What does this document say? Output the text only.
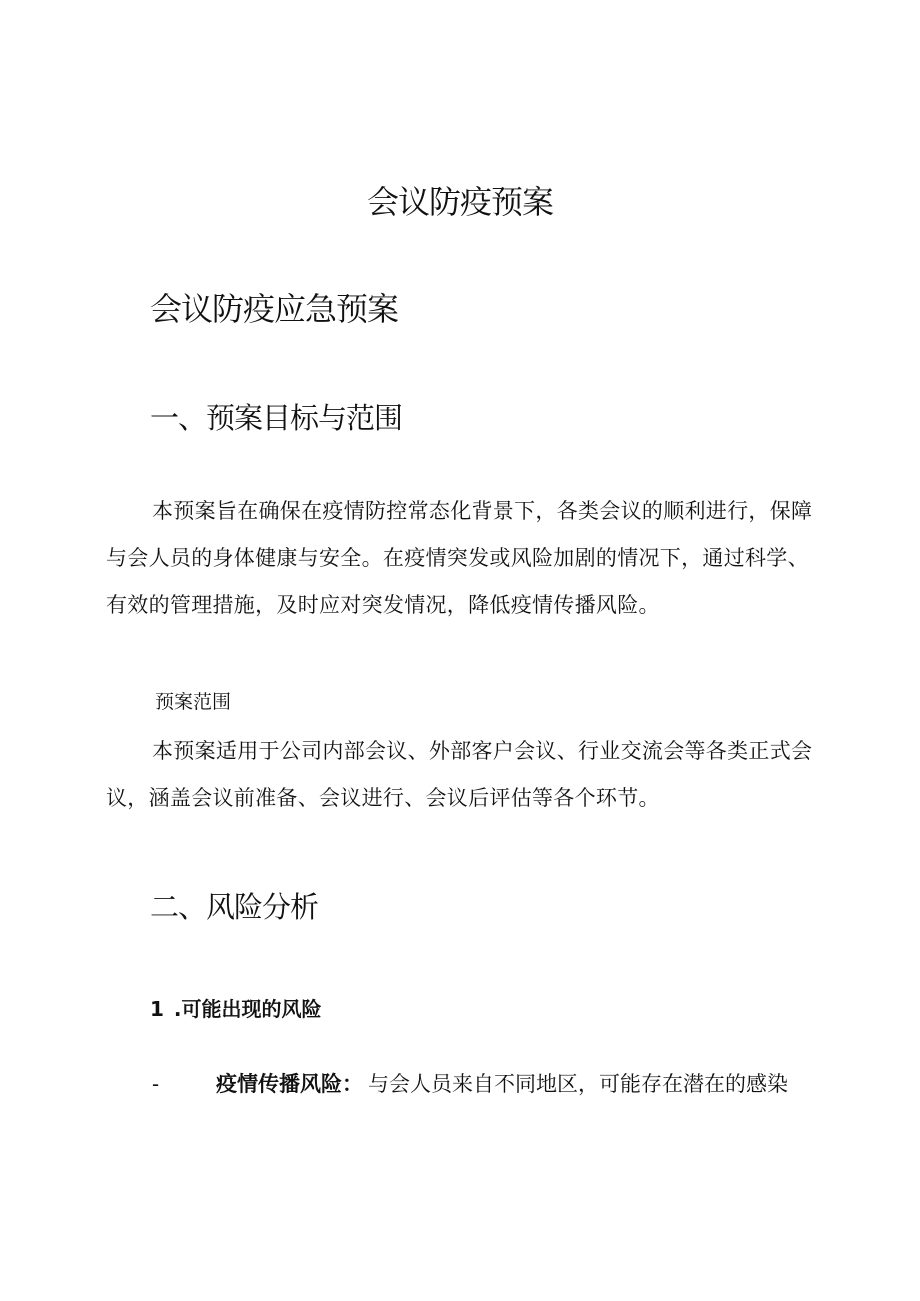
会议防疫预案
会议防疫应急预案
一、预案目标与范围

本预案旨在确保在疫情防控常态化背景下，各类会议的顺利进行，保障与会人员的身体健康与安全。在疫情突发或风险加剧的情况下，通过科学、有效的管理措施，及时应对突发情况，降低疫情传播风险。

预案范围

本预案适用于公司内部会议、外部客户会议、行业交流会等各类正式会议，涵盖会议前准备、会议进行、会议后评估等各个环节。

二、风险分析
1 .可能出现的风险
-	疫情传播风险： 与会人员来自不同地区，可能存在潜在的感染
